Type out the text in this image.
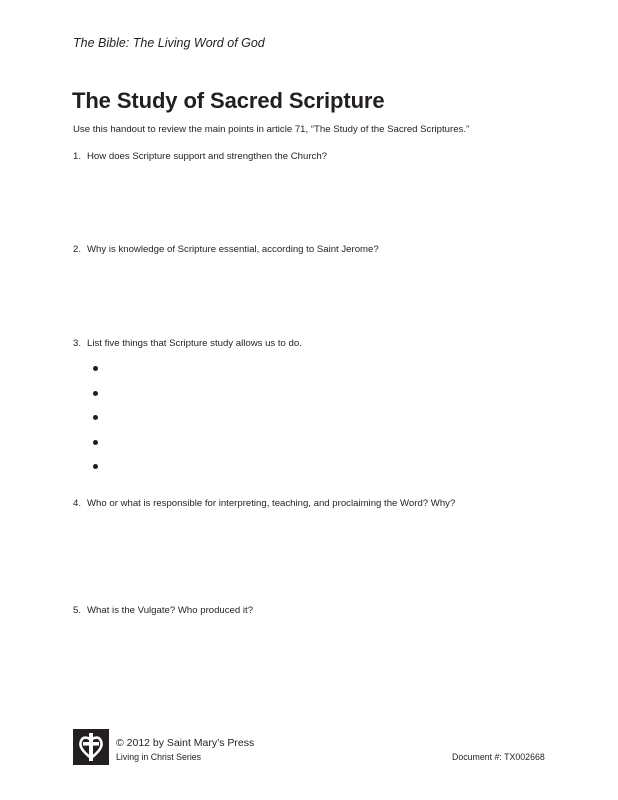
The Bible: The Living Word of God
The Study of Sacred Scripture

Use this handout to review the main points in article 71, “The Study of the Sacred Scriptures.”

1. How does Scripture support and strengthen the Church?
2. Why is knowledge of Scripture essential, according to Saint Jerome?
3. List five things that Scripture study allows us to do.
4. Who or what is responsible for interpreting, teaching, and proclaiming the Word? Why?
5. What is the Vulgate? Who produced it?
© 2012 by Saint Mary’s Press
Living in Christ Series	Document #: TX002668
